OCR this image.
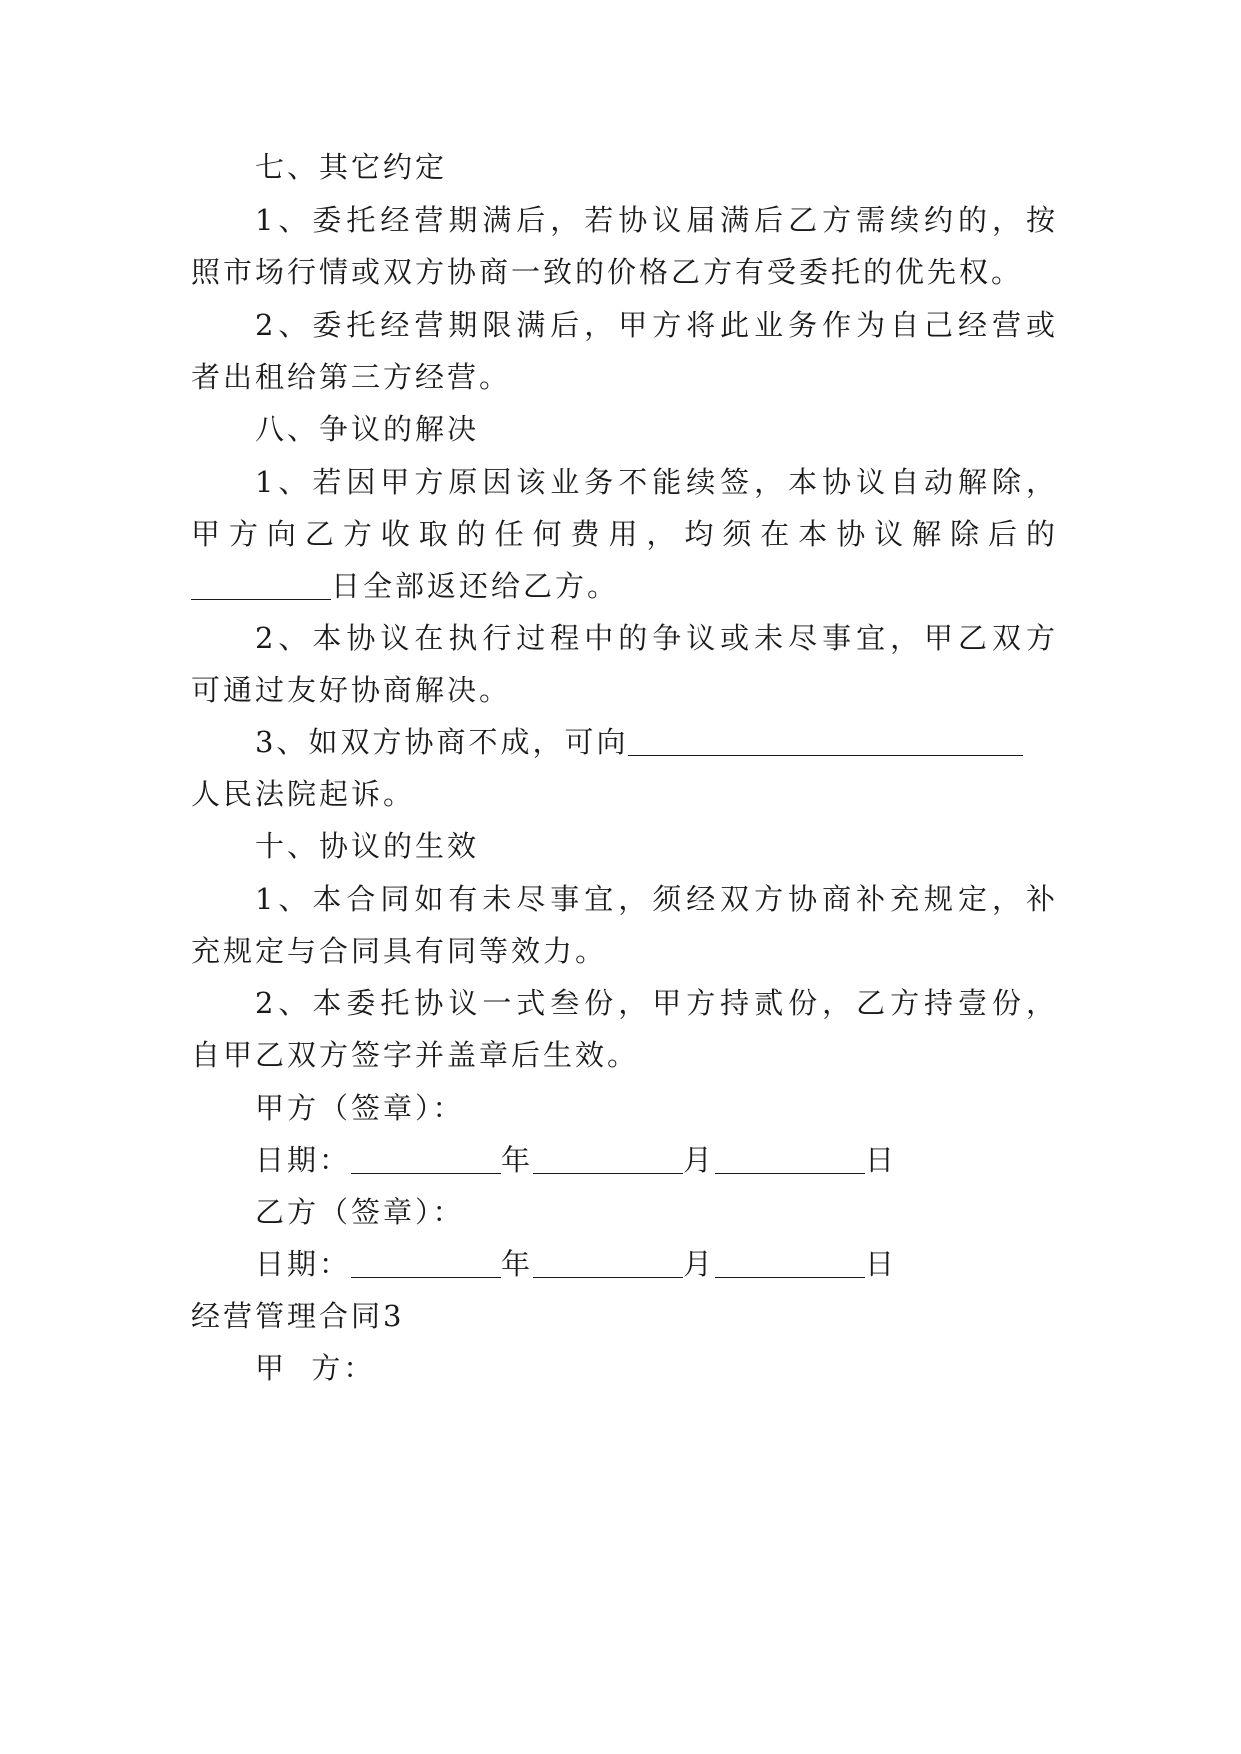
七、其它约定
1、委托经营期满后，若协议届满后乙方需续约的，按
照市场行情或双方协商一致的价格乙方有受委托的优先权。
2、委托经营期限满后，甲方将此业务作为自己经营或
者出租给第三方经营。
八、争议的解决
1、若因甲方原因该业务不能续签，本协议自动解除，
甲方向乙方收取的任何费用，均须在本协议解除后的
日全部返还给乙方。
2、本协议在执行过程中的争议或未尽事宜，甲乙双方
可通过友好协商解决。
3、如双方协商不成，可向
人民法院起诉。
十、协议的生效
1、本合同如有未尽事宜，须经双方协商补充规定，补
充规定与合同具有同等效力。
2、本委托协议一式叁份，甲方持贰份，乙方持壹份，
自甲乙双方签字并盖章后生效。
甲方（签章）：
日期：	年	月	日
乙方（签章）：
日期：	年	月	日
经营管理合同3
甲  方：
